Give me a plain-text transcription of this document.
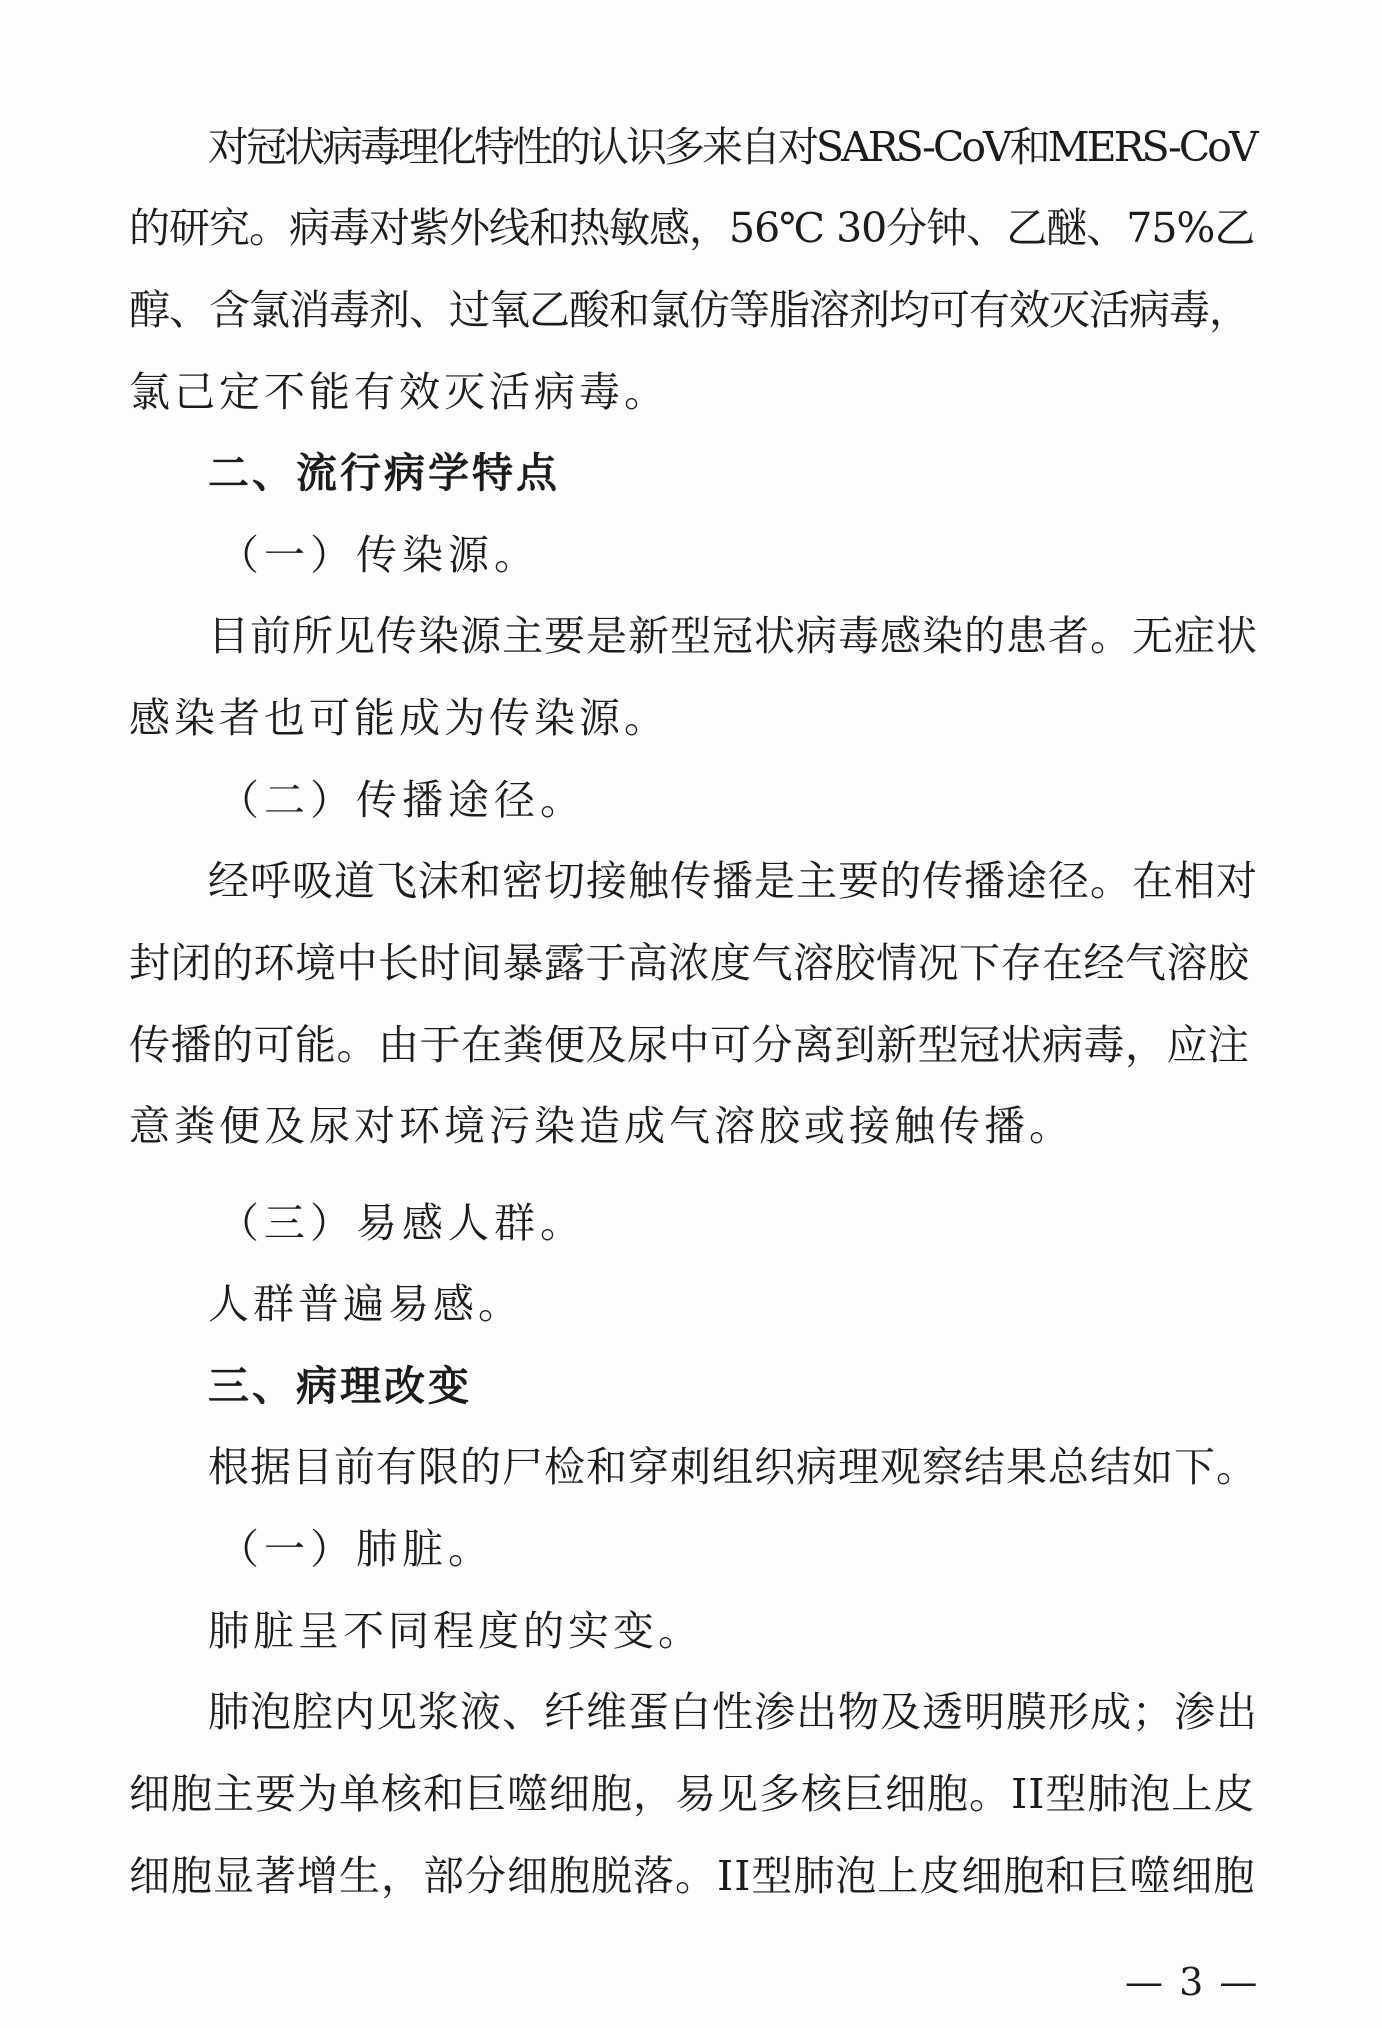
对冠状病毒理化特性的认识多来自对SARS-CoV和MERS-CoV
的研究。病毒对紫外线和热敏感，56℃ 30分钟、乙醚、75%乙
醇、含氯消毒剂、过氧乙酸和氯仿等脂溶剂均可有效灭活病毒，
氯己定不能有效灭活病毒。
二、流行病学特点
（一）传染源。
目前所见传染源主要是新型冠状病毒感染的患者。无症状
感染者也可能成为传染源。
（二）传播途径。
经呼吸道飞沫和密切接触传播是主要的传播途径。在相对
封闭的环境中长时间暴露于高浓度气溶胶情况下存在经气溶胶
传播的可能。由于在粪便及尿中可分离到新型冠状病毒，应注
意粪便及尿对环境污染造成气溶胶或接触传播。
（三）易感人群。
人群普遍易感。
三、病理改变
根据目前有限的尸检和穿刺组织病理观察结果总结如下。
（一）肺脏。
肺脏呈不同程度的实变。
肺泡腔内见浆液、纤维蛋白性渗出物及透明膜形成；渗出
细胞主要为单核和巨噬细胞，易见多核巨细胞。II型肺泡上皮
细胞显著增生，部分细胞脱落。II型肺泡上皮细胞和巨噬细胞
— 3 —
